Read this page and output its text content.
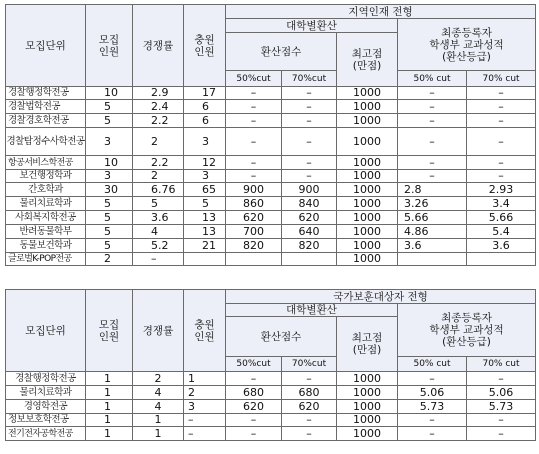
모집단위	모집
인원	경쟁률	충원
인원	지역인재 전형				
				대학별환산			최종등록자
학생부 교과성적
(환산등급)	
				환산점수		최고점
(만점)		
				50%cut	70%cut		50% cut	70% cut
경찰행정학전공	10	2.9	17	–	–	1000	–	–
경찰법학전공	5	2.4	6	–	–	1000	–	–
경찰경호학전공	5	2.2	6	–	–	1000	–	–
경찰탐정수사학전공	3	2	3	–	–	1000	–	–
항공서비스학전공	10	2.2	12	–	–	1000	–	–
보건행정학과	3	2	3	–	–	1000	–	–
간호학과	30	6.76	65	900	900	1000	2.8	2.93
물리치료학과	5	5	5	860	840	1000	3.26	3.4
사회복지학전공	5	3.6	13	620	620	1000	5.66	5.66
반려동물학부	5	4	13	700	640	1000	4.86	5.4
동물보건학과	5	5.2	21	820	820	1000	3.6	3.6
글로벌K-POP전공	2	–				1000		
모집단위	모집
인원	경쟁률	충원
인원	국가보훈대상자 전형				
				대학별환산			최종등록자
학생부 교과성적
(환산등급)	
				환산점수		최고점
(만점)		
				50%cut	70%cut		50% cut	70% cut
경찰행정학전공	1	2	1	–	–	1000	–	–
물리치료학과	1	4	2	680	680	1000	5.06	5.06
경영학전공	1	4	3	620	620	1000	5.73	5.73
정보보호학전공	1	1	–	–	–	1000	–	–
전기전자공학전공	1	1	–	–	–	1000	–	–
